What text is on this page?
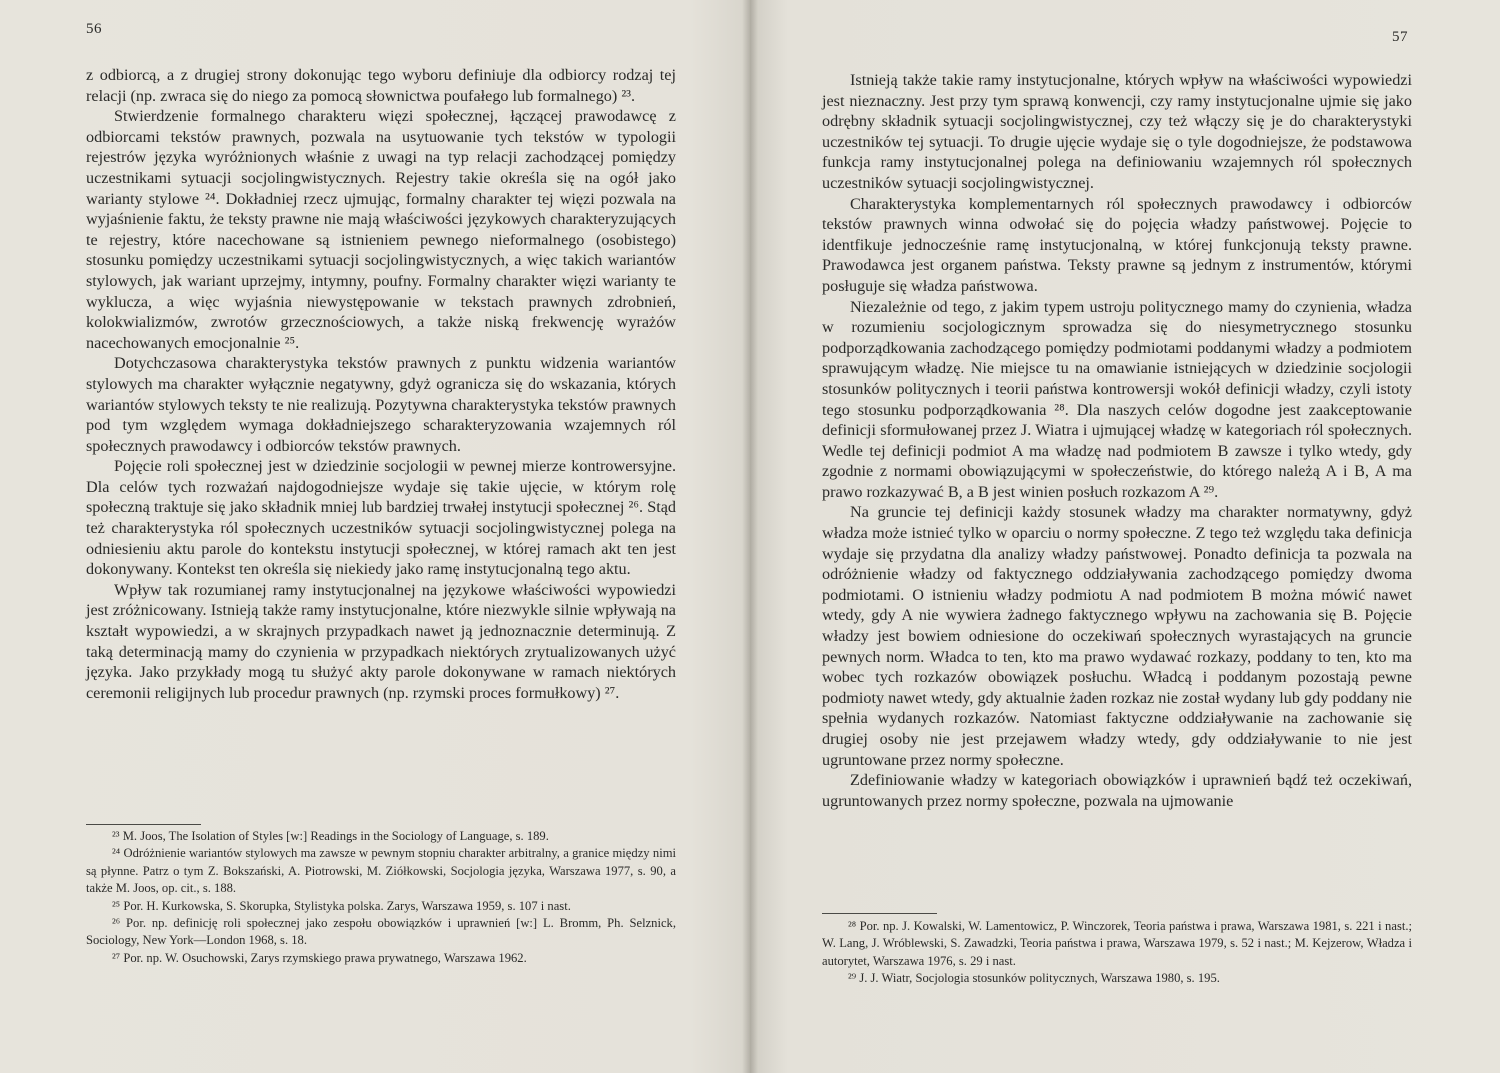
56

z odbiorcą, a z drugiej strony dokonując tego wyboru definiuje dla odbiorcy rodzaj tej relacji (np. zwraca się do niego za pomocą słownictwa poufałego lub formalnego) ²³.

Stwierdzenie formalnego charakteru więzi społecznej, łączącej prawodawcę z odbiorcami tekstów prawnych, pozwala na usytuowanie tych tekstów w typologii rejestrów języka wyróżnionych właśnie z uwagi na typ relacji zachodzącej pomiędzy uczestnikami sytuacji socjolingwistycznych. Rejestry takie określa się na ogół jako warianty stylowe ²⁴. Dokładniej rzecz ujmując, formalny charakter tej więzi pozwala na wyjaśnienie faktu, że teksty prawne nie mają właściwości językowych charakteryzujących te rejestry, które nacechowane są istnieniem pewnego nieformalnego (osobistego) stosunku pomiędzy uczestnikami sytuacji socjolingwistycznych, a więc takich wariantów stylowych, jak wariant uprzejmy, intymny, poufny. Formalny charakter więzi warianty te wyklucza, a więc wyjaśnia niewystępowanie w tekstach prawnych zdrobnień, kolokwializmów, zwrotów grzecznościowych, a także niską frekwencję wyrażów nacechowanych emocjonalnie ²⁵.

Dotychczasowa charakterystyka tekstów prawnych z punktu widzenia wariantów stylowych ma charakter wyłącznie negatywny, gdyż ogranicza się do wskazania, których wariantów stylowych teksty te nie realizują. Pozytywna charakterystyka tekstów prawnych pod tym względem wymaga dokładniejszego scharakteryzowania wzajemnych ról społecznych prawodawcy i odbiorców tekstów prawnych.

Pojęcie roli społecznej jest w dziedzinie socjologii w pewnej mierze kontrowersyjne. Dla celów tych rozważań najdogodniejsze wydaje się takie ujęcie, w którym rolę społeczną traktuje się jako składnik mniej lub bardziej trwałej instytucji społecznej ²⁶. Stąd też charakterystyka ról społecznych uczestników sytuacji socjolingwistycznej polega na odniesieniu aktu parole do kontekstu instytucji społecznej, w której ramach akt ten jest dokonywany. Kontekst ten określa się niekiedy jako ramę instytucjonalną tego aktu.

Wpływ tak rozumianej ramy instytucjonalnej na językowe właściwości wypowiedzi jest zróżnicowany. Istnieją także ramy instytucjonalne, które niezwykle silnie wpływają na kształt wypowiedzi, a w skrajnych przypadkach nawet ją jednoznacznie determinują. Z taką determinacją mamy do czynienia w przypadkach niektórych zrytualizowanych użyć języka. Jako przykłady mogą tu służyć akty parole dokonywane w ramach niektórych ceremonii religijnych lub procedur prawnych (np. rzymski proces formułkowy) ²⁷.

²³ M. Joos, The Isolation of Styles [w:] Readings in the Sociology of Language, s. 189.

²⁴ Odróżnienie wariantów stylowych ma zawsze w pewnym stopniu charakter arbitralny, a granice między nimi są płynne. Patrz o tym Z. Bokszański, A. Piotrowski, M. Ziółkowski, Socjologia języka, Warszawa 1977, s. 90, a także M. Joos, op. cit., s. 188.

²⁵ Por. H. Kurkowska, S. Skorupka, Stylistyka polska. Zarys, Warszawa 1959, s. 107 i nast.

²⁶ Por. np. definicję roli społecznej jako zespołu obowiązków i uprawnień [w:] L. Bromm, Ph. Selznick, Sociology, New York—London 1968, s. 18.

²⁷ Por. np. W. Osuchowski, Zarys rzymskiego prawa prywatnego, Warszawa 1962.

57

Istnieją także takie ramy instytucjonalne, których wpływ na właściwości wypowiedzi jest nieznaczny. Jest przy tym sprawą konwencji, czy ramy instytucjonalne ujmie się jako odrębny składnik sytuacji socjolingwistycznej, czy też włączy się je do charakterystyki uczestników tej sytuacji. To drugie ujęcie wydaje się o tyle dogodniejsze, że podstawowa funkcja ramy instytucjonalnej polega na definiowaniu wzajemnych ról społecznych uczestników sytuacji socjolingwistycznej.

Charakterystyka komplementarnych ról społecznych prawodawcy i odbiorców tekstów prawnych winna odwołać się do pojęcia władzy państwowej. Pojęcie to identfikuje jednocześnie ramę instytucjonalną, w której funkcjonują teksty prawne. Prawodawca jest organem państwa. Teksty prawne są jednym z instrumentów, którymi posługuje się władza państwowa.

Niezależnie od tego, z jakim typem ustroju politycznego mamy do czynienia, władza w rozumieniu socjologicznym sprowadza się do niesymetrycznego stosunku podporządkowania zachodzącego pomiędzy podmiotami poddanymi władzy a podmiotem sprawującym władzę. Nie miejsce tu na omawianie istniejących w dziedzinie socjologii stosunków politycznych i teorii państwa kontrowersji wokół definicji władzy, czyli istoty tego stosunku podporządkowania ²⁸. Dla naszych celów dogodne jest zaakceptowanie definicji sformułowanej przez J. Wiatra i ujmującej władzę w kategoriach ról społecznych. Wedle tej definicji podmiot A ma władzę nad podmiotem B zawsze i tylko wtedy, gdy zgodnie z normami obowiązującymi w społeczeństwie, do którego należą A i B, A ma prawo rozkazywać B, a B jest winien posłuch rozkazom A ²⁹.

Na gruncie tej definicji każdy stosunek władzy ma charakter normatywny, gdyż władza może istnieć tylko w oparciu o normy społeczne. Z tego też względu taka definicja wydaje się przydatna dla analizy władzy państwowej. Ponadto definicja ta pozwala na odróżnienie władzy od faktycznego oddziaływania zachodzącego pomiędzy dwoma podmiotami. O istnieniu władzy podmiotu A nad podmiotem B można mówić nawet wtedy, gdy A nie wywiera żadnego faktycznego wpływu na zachowania się B. Pojęcie władzy jest bowiem odniesione do oczekiwań społecznych wyrastających na gruncie pewnych norm. Władca to ten, kto ma prawo wydawać rozkazy, poddany to ten, kto ma wobec tych rozkazów obowiązek posłuchu. Władcą i poddanym pozostają pewne podmioty nawet wtedy, gdy aktualnie żaden rozkaz nie został wydany lub gdy poddany nie spełnia wydanych rozkazów. Natomiast faktyczne oddziaływanie na zachowanie się drugiej osoby nie jest przejawem władzy wtedy, gdy oddziaływanie to nie jest ugruntowane przez normy społeczne.

Zdefiniowanie władzy w kategoriach obowiązków i uprawnień bądź też oczekiwań, ugruntowanych przez normy społeczne, pozwala na ujmowanie

²⁸ Por. np. J. Kowalski, W. Lamentowicz, P. Winczorek, Teoria państwa i prawa, Warszawa 1981, s. 221 i nast.; W. Lang, J. Wróblewski, S. Zawadzki, Teoria państwa i prawa, Warszawa 1979, s. 52 i nast.; M. Kejzerow, Władza i autorytet, Warszawa 1976, s. 29 i nast.

²⁹ J. J. Wiatr, Socjologia stosunków politycznych, Warszawa 1980, s. 195.
